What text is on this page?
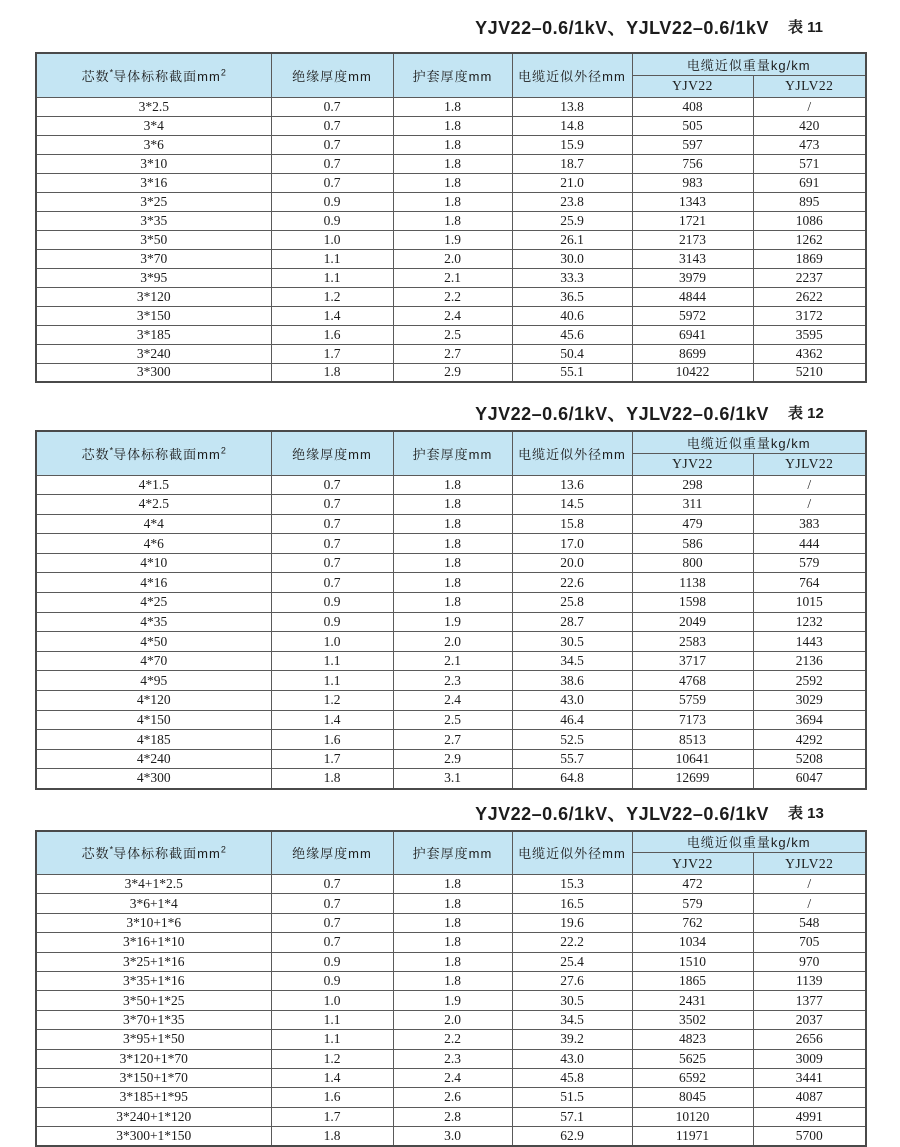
YJV22–0.6/1kV、YJLV22–0.6/1kV 表 11
芯数*导体标称截面$mm^2$	绝缘厚度mm	护套厚度mm	电缆近似外径mm	电缆近似重量kg/km	
				YJV22	YJLV22
3*2.5	0.7	1.8	13.8	408	/
3*4	0.7	1.8	14.8	505	420
3*6	0.7	1.8	15.9	597	473
3*10	0.7	1.8	18.7	756	571
3*16	0.7	1.8	21.0	983	691
3*25	0.9	1.8	23.8	1343	895
3*35	0.9	1.8	25.9	1721	1086
3*50	1.0	1.9	26.1	2173	1262
3*70	1.1	2.0	30.0	3143	1869
3*95	1.1	2.1	33.3	3979	2237
3*120	1.2	2.2	36.5	4844	2622
3*150	1.4	2.4	40.6	5972	3172
3*185	1.6	2.5	45.6	6941	3595
3*240	1.7	2.7	50.4	8699	4362
3*300	1.8	2.9	55.1	10422	5210
YJV22–0.6/1kV、YJLV22–0.6/1kV 表 12
芯数*导体标称截面$mm^2$	绝缘厚度mm	护套厚度mm	电缆近似外径mm	电缆近似重量kg/km	
				YJV22	YJLV22
4*1.5	0.7	1.8	13.6	298	/
4*2.5	0.7	1.8	14.5	311	/
4*4	0.7	1.8	15.8	479	383
4*6	0.7	1.8	17.0	586	444
4*10	0.7	1.8	20.0	800	579
4*16	0.7	1.8	22.6	1138	764
4*25	0.9	1.8	25.8	1598	1015
4*35	0.9	1.9	28.7	2049	1232
4*50	1.0	2.0	30.5	2583	1443
4*70	1.1	2.1	34.5	3717	2136
4*95	1.1	2.3	38.6	4768	2592
4*120	1.2	2.4	43.0	5759	3029
4*150	1.4	2.5	46.4	7173	3694
4*185	1.6	2.7	52.5	8513	4292
4*240	1.7	2.9	55.7	10641	5208
4*300	1.8	3.1	64.8	12699	6047
YJV22–0.6/1kV、YJLV22–0.6/1kV 表 13
芯数*导体标称截面$mm^2$	绝缘厚度mm	护套厚度mm	电缆近似外径mm	电缆近似重量kg/km	
				YJV22	YJLV22
3*4+1*2.5	0.7	1.8	15.3	472	/
3*6+1*4	0.7	1.8	16.5	579	/
3*10+1*6	0.7	1.8	19.6	762	548
3*16+1*10	0.7	1.8	22.2	1034	705
3*25+1*16	0.9	1.8	25.4	1510	970
3*35+1*16	0.9	1.8	27.6	1865	1139
3*50+1*25	1.0	1.9	30.5	2431	1377
3*70+1*35	1.1	2.0	34.5	3502	2037
3*95+1*50	1.1	2.2	39.2	4823	2656
3*120+1*70	1.2	2.3	43.0	5625	3009
3*150+1*70	1.4	2.4	45.8	6592	3441
3*185+1*95	1.6	2.6	51.5	8045	4087
3*240+1*120	1.7	2.8	57.1	10120	4991
3*300+1*150	1.8	3.0	62.9	11971	5700
